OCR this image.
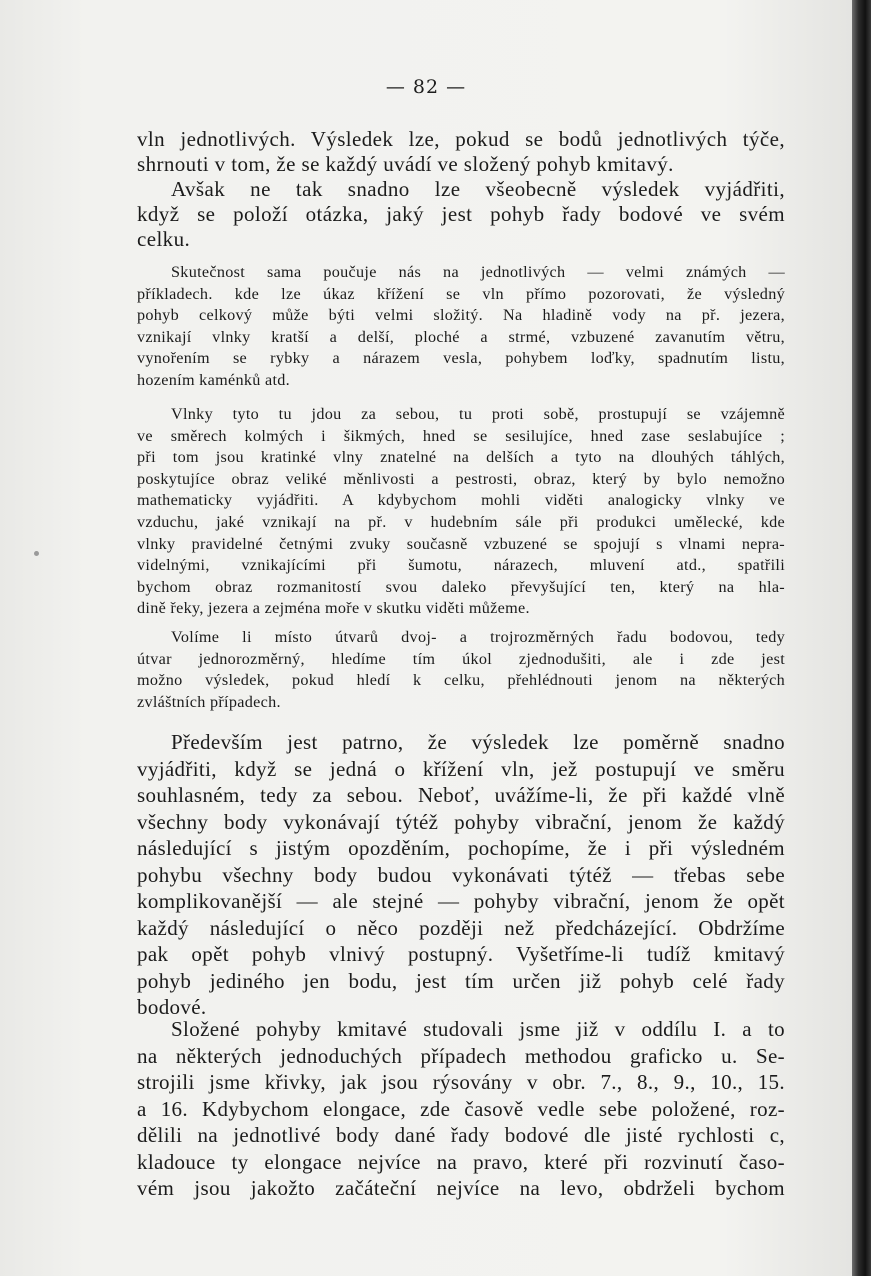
— 82 —
vln jednotlivých. Výsledek lze, pokud se bodů jednotlivých týče,
shrnouti v tom, že se každý uvádí ve složený pohyb kmitavý.
Avšak ne tak snadno lze všeobecně výsledek vyjádřiti,
když se položí otázka, jaký jest pohyb řady bodové ve svém
celku.
Skutečnost sama poučuje nás na jednotlivých — velmi známých —
příkladech. kde lze úkaz křížení se vln přímo pozorovati, že výsledný
pohyb celkový může býti velmi složitý. Na hladině vody na př. jezera,
vznikají vlnky kratší a delší, ploché a strmé, vzbuzené zavanutím větru,
vynořením se rybky a nárazem vesla, pohybem loďky, spadnutím listu,
hozením kaménků atd.
Vlnky tyto tu jdou za sebou, tu proti sobě, prostupují se vzájemně
ve směrech kolmých i šikmých, hned se sesilujíce, hned zase seslabujíce ;
při tom jsou kratinké vlny znatelné na delších a tyto na dlouhých táhlých,
poskytujíce obraz veliké měnlivosti a pestrosti, obraz, který by bylo nemožno
mathematicky vyjádřiti. A kdybychom mohli viděti analogicky vlnky ve
vzduchu, jaké vznikají na př. v hudebním sále při produkci umělecké, kde
vlnky pravidelné četnými zvuky současně vzbuzené se spojují s vlnami nepra-
videlnými, vznikajícími při šumotu, nárazech, mluvení atd., spatřili
bychom obraz rozmanitostí svou daleko převyšující ten, který na hla-
dině řeky, jezera a zejména moře v skutku viděti můžeme.
Volíme li místo útvarů dvoj- a trojrozměrných řadu bodovou, tedy
útvar jednorozměrný, hledíme tím úkol zjednodušiti, ale i zde jest
možno výsledek, pokud hledí k celku, přehlédnouti jenom na některých
zvláštních případech.
Především jest patrno, že výsledek lze poměrně snadno
vyjádřiti, když se jedná o křížení vln, jež postupují ve směru
souhlasném, tedy za sebou. Neboť, uvážíme-li, že při každé vlně
všechny body vykonávají týtéž pohyby vibrační, jenom že každý
následující s jistým opozděním, pochopíme, že i při výsledném
pohybu všechny body budou vykonávati týtéž — třebas sebe
komplikovanější — ale stejné — pohyby vibrační, jenom že opět
každý následující o něco později než předcházející. Obdržíme
pak opět pohyb vlnivý postupný. Vyšetříme-li tudíž kmitavý
pohyb jediného jen bodu, jest tím určen již pohyb celé řady
bodové.
Složené pohyby kmitavé studovali jsme již v oddílu I. a to
na některých jednoduchých případech methodou graficko u. Se-
strojili jsme křivky, jak jsou rýsovány v obr. 7., 8., 9., 10., 15.
a 16. Kdybychom elongace, zde časově vedle sebe položené, roz-
dělili na jednotlivé body dané řady bodové dle jisté rychlosti c,
kladouce ty elongace nejvíce na pravo, které při rozvinutí časo-
vém jsou jakožto začáteční nejvíce na levo, obdrželi bychom
